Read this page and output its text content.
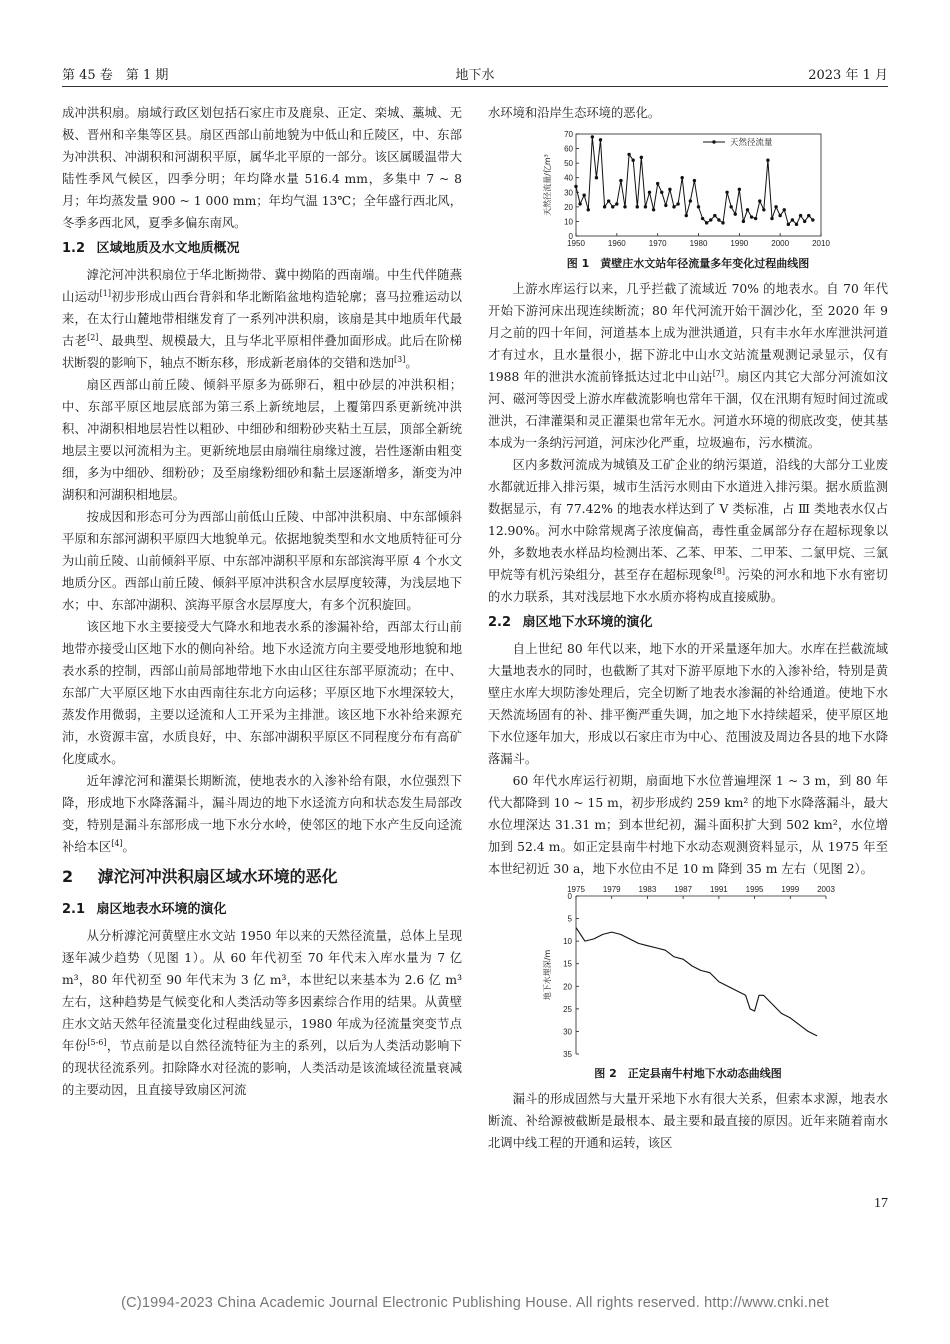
第 45 卷　第 1 期	地下水	2023 年 1 月

成冲洪积扇。扇域行政区划包括石家庄市及鹿泉、正定、栾城、藁城、无极、晋州和辛集等区县。扇区西部山前地貌为中低山和丘陵区，中、东部为冲洪积、冲湖积和河湖积平原，属华北平原的一部分。该区属暖温带大陆性季风气候区，四季分明；年均降水量 516.4 mm，多集中 7 ~ 8 月；年均蒸发量 900 ~ 1 000 mm；年均气温 13℃；全年盛行西北风，冬季多西北风，夏季多偏东南风。

1.2 区域地质及水文地质概况

滹沱河冲洪积扇位于华北断拗带、冀中拗陷的西南端。中生代伴随燕山运动[1]初步形成山西台背斜和华北断陷盆地构造轮廓；喜马拉雅运动以来，在太行山麓地带相继发育了一系列冲洪积扇，该扇是其中地质年代最古老[2]、最典型、规模最大，且与华北平原相伴叠加面形成。此后在阶梯状断裂的影响下，轴点不断东移，形成新老扇体的交错和迭加[3]。

扇区西部山前丘陵、倾斜平原多为砾卵石，粗中砂层的冲洪积相；中、东部平原区地层底部为第三系上新统地层，上覆第四系更新统冲洪积、冲湖积相地层岩性以粗砂、中细砂和细粉砂夹粘土互层，顶部全新统地层主要以河流相为主。更新统地层由扇端往扇缘过渡，岩性逐渐由粗变细，多为中细砂、细粉砂；及至扇缘粉细砂和黏土层逐渐增多，渐变为冲湖积和河湖积相地层。

按成因和形态可分为西部山前低山丘陵、中部冲洪积扇、中东部倾斜平原和东部河湖积平原四大地貌单元。依据地貌类型和水文地质特征可分为山前丘陵、山前倾斜平原、中东部冲湖积平原和东部滨海平原 4 个水文地质分区。西部山前丘陵、倾斜平原冲洪积含水层厚度较薄，为浅层地下水；中、东部冲湖积、滨海平原含水层厚度大，有多个沉积旋回。

该区地下水主要接受大气降水和地表水系的渗漏补给，西部太行山前地带亦接受山区地下水的侧向补给。地下水迳流方向主要受地形地貌和地表水系的控制，西部山前局部地带地下水由山区往东部平原流动；在中、东部广大平原区地下水由西南往东北方向运移；平原区地下水埋深较大，蒸发作用微弱，主要以迳流和人工开采为主排泄。该区地下水补给来源充沛，水资源丰富，水质良好，中、东部冲湖积平原区不同程度分布有高矿化度咸水。

近年滹沱河和灌渠长期断流，使地表水的入渗补给有限，水位强烈下降，形成地下水降落漏斗，漏斗周边的地下水迳流方向和状态发生局部改变，特别是漏斗东部形成一地下水分水岭，使邻区的地下水产生反向迳流补给本区[4]。

2 滹沱河冲洪积扇区域水环境的恶化
2.1 扇区地表水环境的演化

从分析滹沱河黄壁庄水文站 1950 年以来的天然径流量，总体上呈现逐年减少趋势（见图 1）。从 60 年代初至 70 年代末入库水量为 7 亿 m³，80 年代初至 90 年代末为 3 亿 m³，本世纪以来基本为 2.6 亿 m³ 左右，这种趋势是气候变化和人类活动等多因素综合作用的结果。从黄壁庄水文站天然年径流量变化过程曲线显示，1980 年成为径流量突变节点年份[5-6]，节点前是以自然径流特征为主的系列，以后为人类活动影响下的现状径流系列。扣除降水对径流的影响，人类活动是该流域径流量衰减的主要动因，且直接导致扇区河流

水环境和沿岸生态环境的恶化。

0
10
20
30
40
50
60
70
1950	1960	1970	1980	1990	2000	2010
天然径流量/亿m³
天然径流量
图 1　 黄壁庄水文站年径流量多年变化过程曲线图

上游水库运行以来，几乎拦截了流域近 70% 的地表水。自 70 年代开始下游河床出现连续断流；80 年代河流开始干涸沙化，至 2020 年 9 月之前的四十年间，河道基本上成为泄洪通道，只有丰水年水库泄洪河道才有过水，且水量很小，据下游北中山水文站流量观测记录显示，仅有 1988 年的泄洪水流前锋抵达过北中山站[7]。扇区内其它大部分河流如汶河、磁河等因受上游水库截流影响也常年干涸，仅在汛期有短时间过流或泄洪，石津灌渠和灵正灌渠也常年无水。河道水环境的彻底改变，使其基本成为一条纳污河道，河床沙化严重，垃圾遍布，污水横流。

区内多数河流成为城镇及工矿企业的纳污渠道，沿线的大部分工业废水都就近排入排污渠，城市生活污水则由下水道进入排污渠。据水质监测数据显示，有 77.42% 的地表水样达到了 Ⅴ 类标准，占 Ⅲ 类地表水仅占 12.90%。河水中除常规离子浓度偏高，毒性重金属部分存在超标现象以外，多数地表水样品均检测出苯、乙苯、甲苯、二甲苯、二氯甲烷、三氯甲烷等有机污染组分，甚至存在超标现象[8]。污染的河水和地下水有密切的水力联系，其对浅层地下水水质亦将构成直接威胁。

2.2 扇区地下水环境的演化

自上世纪 80 年代以来，地下水的开采量逐年加大。水库在拦截流域大量地表水的同时，也截断了其对下游平原地下水的入渗补给，特别是黄壁庄水库大坝防渗处理后，完全切断了地表水渗漏的补给通道。使地下水天然流场固有的补、排平衡严重失调，加之地下水持续超采，使平原区地下水位逐年加大，形成以石家庄市为中心、范围波及周边各县的地下水降落漏斗。

60 年代水库运行初期，扇面地下水位普遍埋深 1 ~ 3 m，到 80 年代大都降到 10 ~ 15 m，初步形成约 259 km² 的地下水降落漏斗，最大水位埋深达 31.31 m；到本世纪初，漏斗面积扩大到 502 km²，水位增加到 52.4 m。如正定县南牛村地下水动态观测资料显示，从 1975 年至本世纪初近 30 a，地下水位由不足 10 m 降到 35 m 左右（见图 2）。

1975 1979 1983 1987 1991 1995 1999 2003
0
5
10
15
20
25
30
35
地下水埋深/m
图 2　 正定县南牛村地下水动态曲线图

漏斗的形成固然与大量开采地下水有很大关系，但索本求源，地表水断流、补给源被截断是最根本、最主要和最直接的原因。近年来随着南水北调中线工程的开通和运转，该区

17
(C)1994-2023 China Academic Journal Electronic Publishing House. All rights reserved. http://www.cnki.net
